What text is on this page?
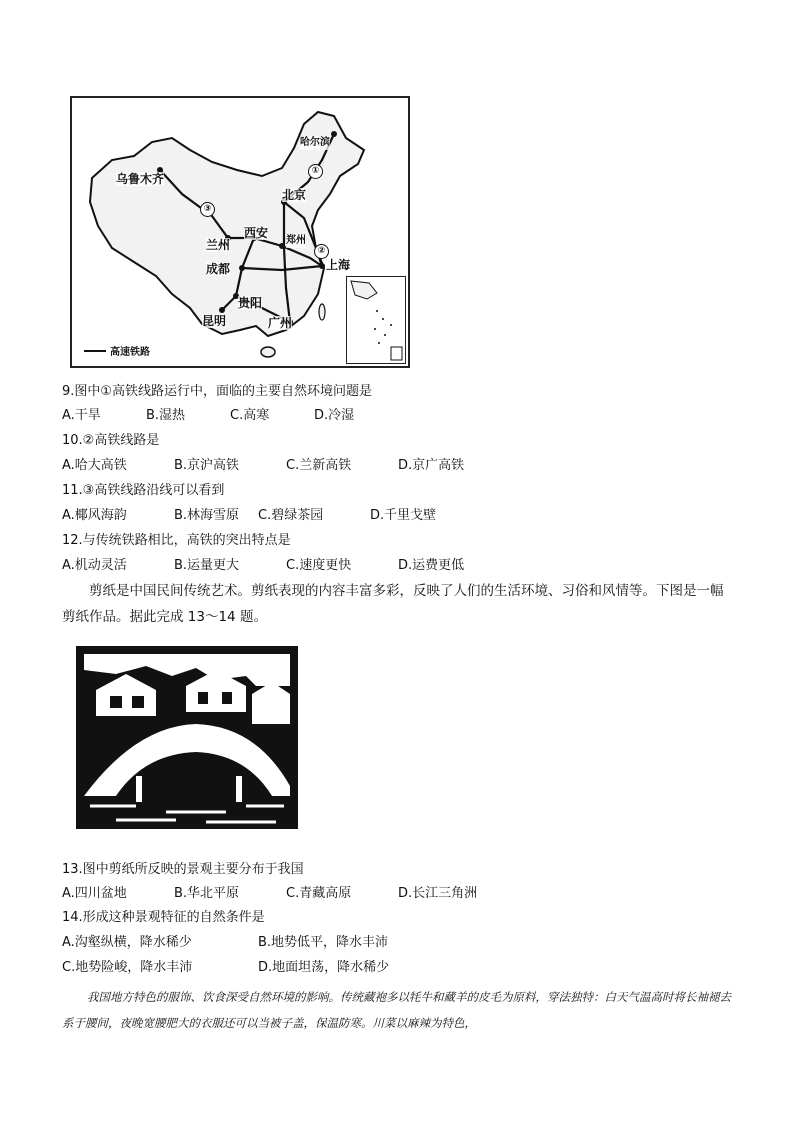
乌鲁木齐
哈尔滨
北京
兰州
西安
郑州
成都	上海
贵阳
昆明	广州
①
②
③
高速铁路
9.图中①高铁线路运行中，面临的主要自然环境问题是
A.干旱	B.湿热	C.高寒	D.冷湿
10.②高铁线路是
A.哈大高铁	B.京沪高铁	C.兰新高铁	D.京广高铁
11.③高铁线路沿线可以看到
A.椰风海韵	B.林海雪原 C.碧绿茶园	D.千里戈壁
12.与传统铁路相比，高铁的突出特点是
A.机动灵活	B.运量更大	C.速度更快	D.运费更低
剪纸是中国民间传统艺术。剪纸表现的内容丰富多彩，反映了人们的生活环境、习俗和风情等。下图是一幅剪纸作品。据此完成 13～14 题。
13.图中剪纸所反映的景观主要分布于我国
A.四川盆地	B.华北平原	C.青藏高原	D.长江三角洲
14.形成这种景观特征的自然条件是
A.沟壑纵横，降水稀少	B.地势低平，降水丰沛
C.地势险峻，降水丰沛	D.地面坦荡，降水稀少
我国地方特色的服饰、饮食深受自然环境的影响。传统藏袍多以牦牛和藏羊的皮毛为原料，穿法独特：白天气温高时将长袖褪去系于腰间，夜晚宽腰肥大的衣服还可以当被子盖，保温防寒。川菜以麻辣为特色，
